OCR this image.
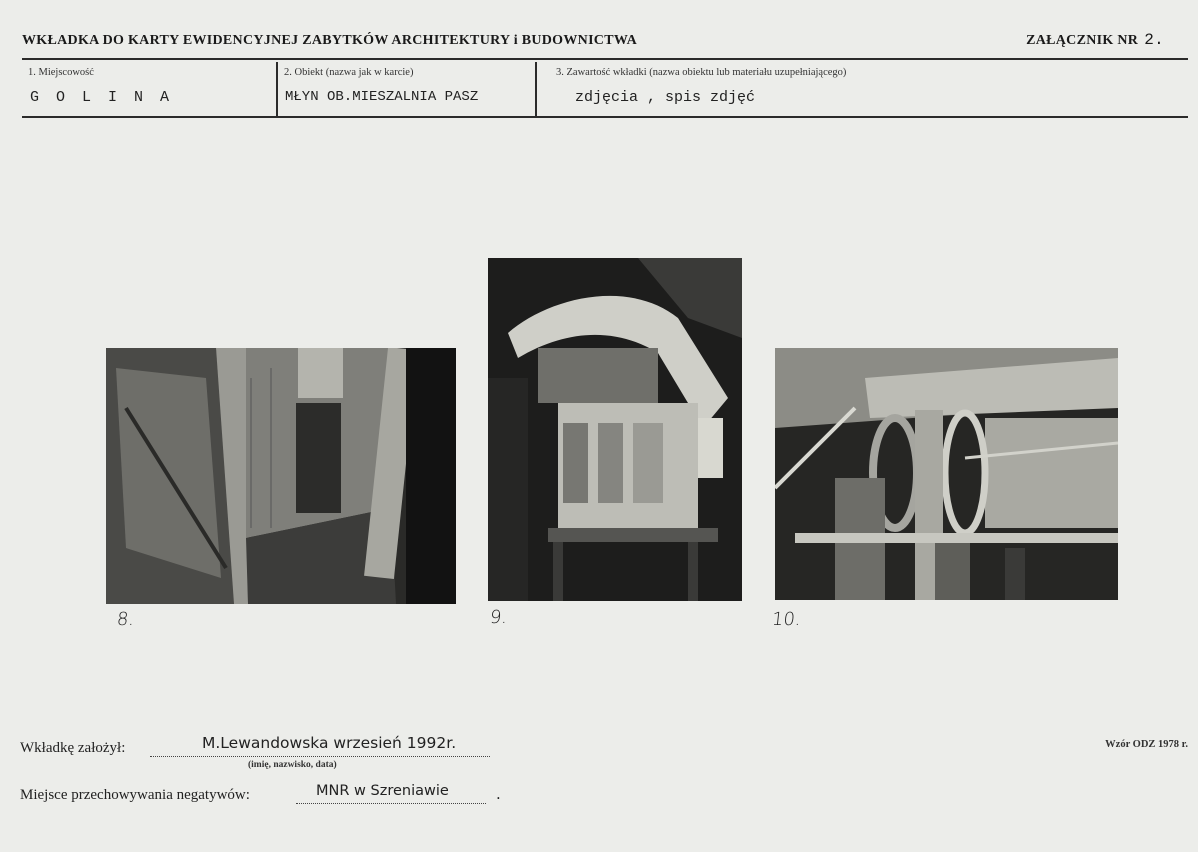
WKŁADKA DO KARTY EWIDENCYJNEJ ZABYTKÓW ARCHITEKTURY i BUDOWNICTWA	ZAŁĄCZNIK NR 2.
1. Miejscowość
G O L I N A
2. Obiekt (nazwa jak w karcie)
MŁYN OB.MIESZALNIA PASZ
3. Zawartość wkładki (nazwa obiektu lub materiału uzupełniającego)
zdjęcia , spis zdjęć
8.	9.	10.
Wkładkę założył:	M.Lewandowska wrzesień 1992r.
(imię, nazwisko, data)
Wzór ODZ 1978 r.
Miejsce przechowywania negatywów:	MNR w Szreniawie	.
